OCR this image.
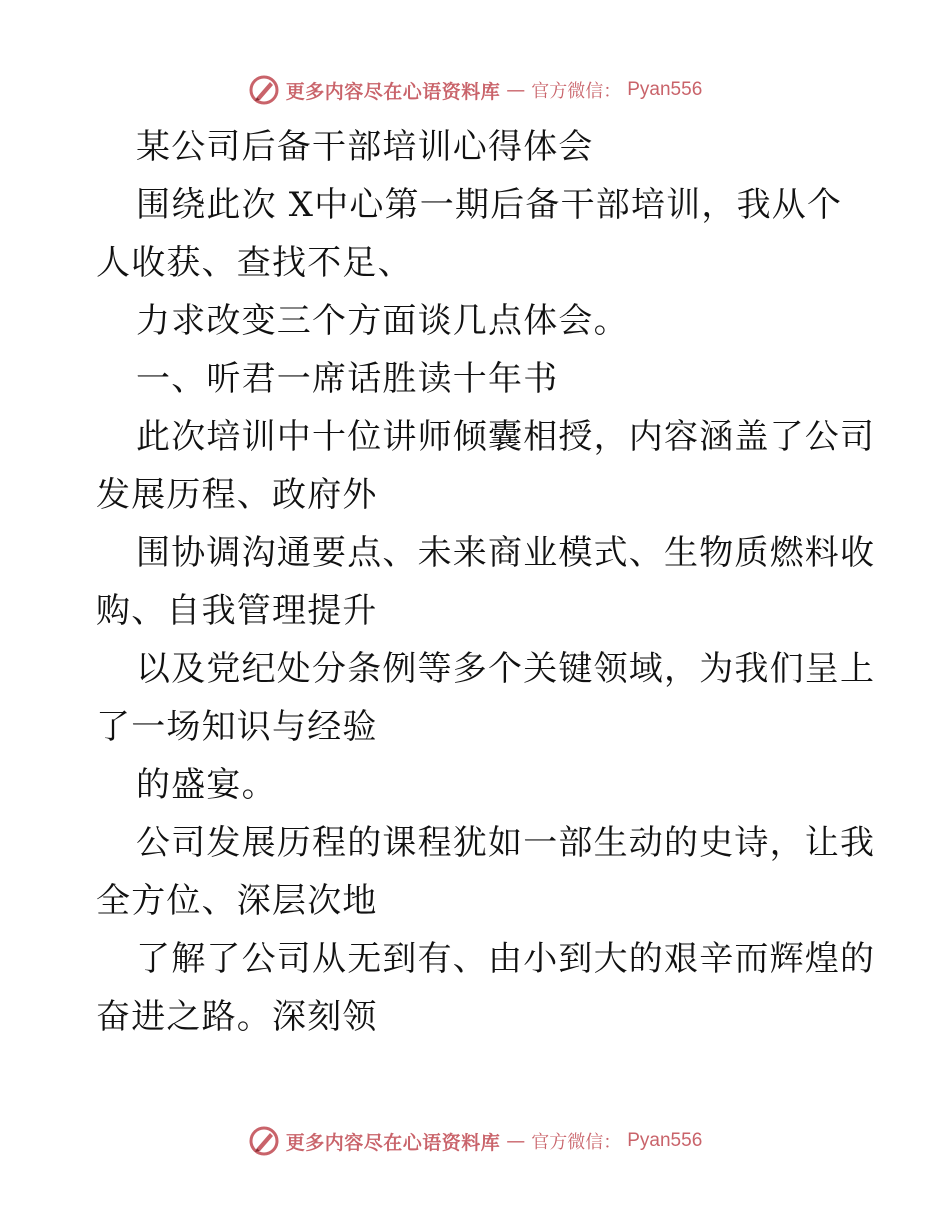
更多内容尽在心语资料库 — 官方微信： Pyan556
某公司后备干部培训心得体会
围绕此次 X中心第一期后备干部培训，我从个
人收获、查找不足、
力求改变三个方面谈几点体会。
一、听君一席话胜读十年书
此次培训中十位讲师倾囊相授，内容涵盖了公司
发展历程、政府外
围协调沟通要点、未来商业模式、生物质燃料收
购、自我管理提升
以及党纪处分条例等多个关键领域，为我们呈上
了一场知识与经验
的盛宴。
公司发展历程的课程犹如一部生动的史诗，让我
全方位、深层次地
了解了公司从无到有、由小到大的艰辛而辉煌的
奋进之路。深刻领
更多内容尽在心语资料库 — 官方微信： Pyan556
